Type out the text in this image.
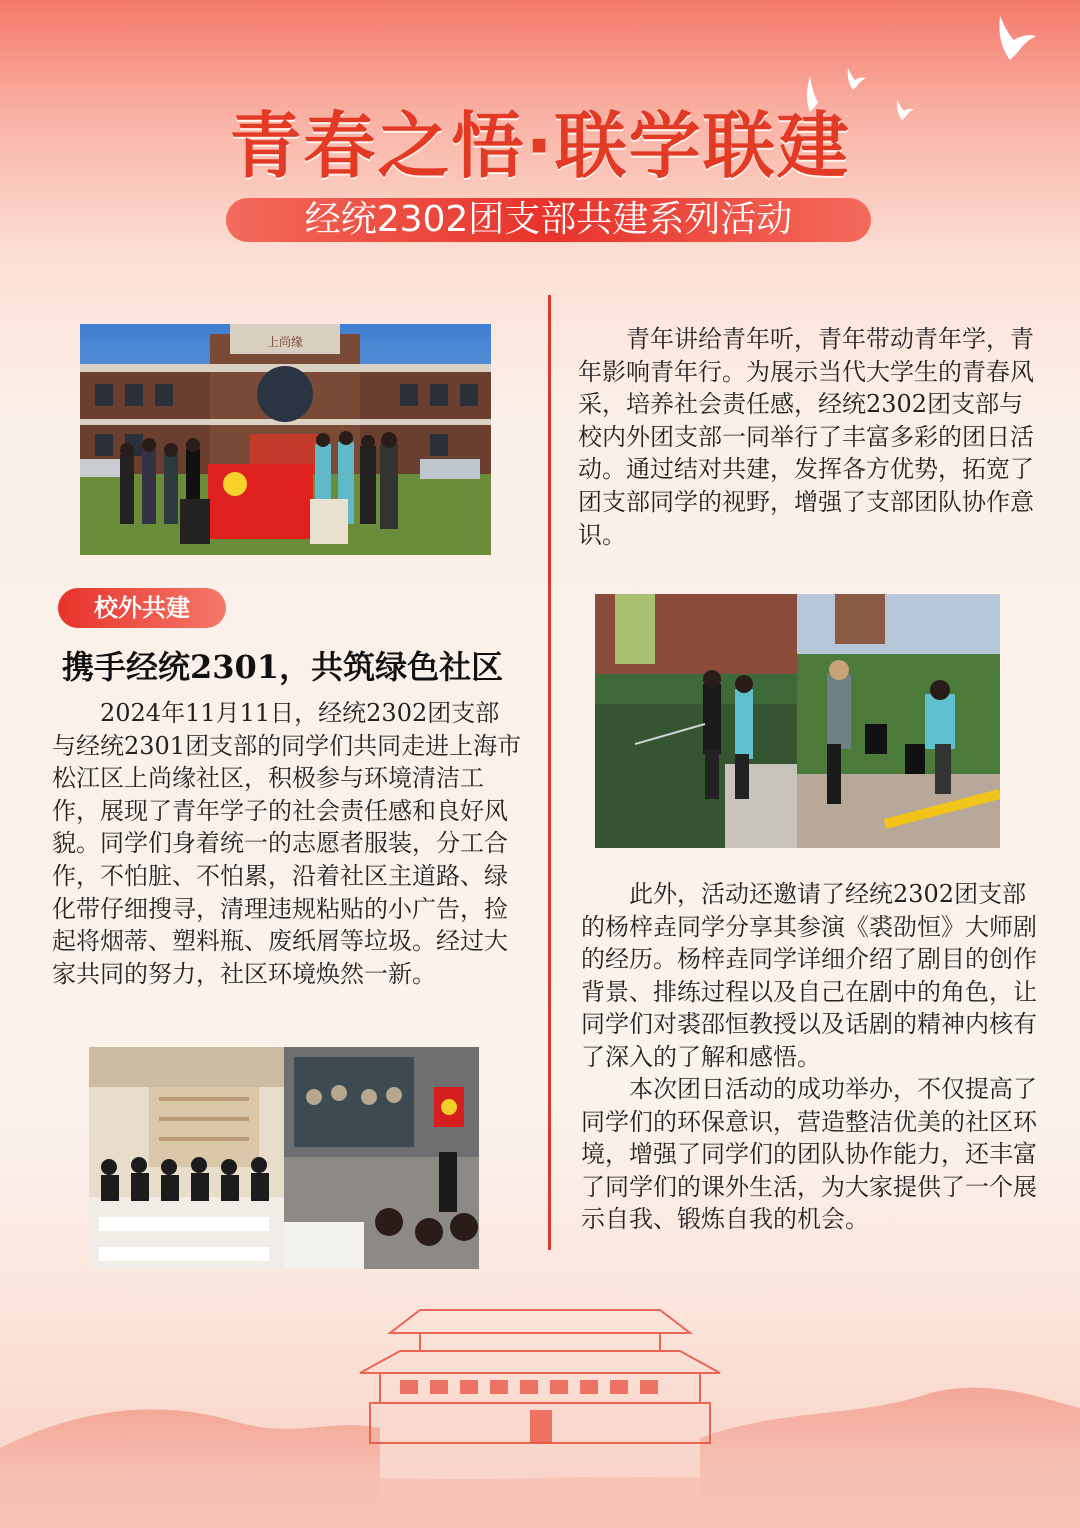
青春之悟·联学联建
经统2302团支部共建系列活动
上尚缘
校外共建
携手经统2301，共筑绿色社区

2024年11月11日，经统2302团支部与经统2301团支部的同学们共同走进上海市松江区上尚缘社区，积极参与环境清洁工作，展现了青年学子的社会责任感和良好风貌。同学们身着统一的志愿者服装，分工合作，不怕脏、不怕累，沿着社区主道路、绿化带仔细搜寻，清理违规粘贴的小广告，捡起将烟蒂、塑料瓶、废纸屑等垃圾。经过大家共同的努力，社区环境焕然一新。

青年讲给青年听，青年带动青年学，青年影响青年行。为展示当代大学生的青春风采，培养社会责任感，经统2302团支部与校内外团支部一同举行了丰富多彩的团日活动。通过结对共建，发挥各方优势，拓宽了团支部同学的视野，增强了支部团队协作意识。

此外，活动还邀请了经统2302团支部的杨梓垚同学分享其参演《裘劭恒》大师剧的经历。杨梓垚同学详细介绍了剧目的创作背景、排练过程以及自己在剧中的角色，让同学们对裘邵恒教授以及话剧的精神内核有了深入的了解和感悟。

本次团日活动的成功举办，不仅提高了同学们的环保意识，营造整洁优美的社区环境，增强了同学们的团队协作能力，还丰富了同学们的课外生活，为大家提供了一个展示自我、锻炼自我的机会。
